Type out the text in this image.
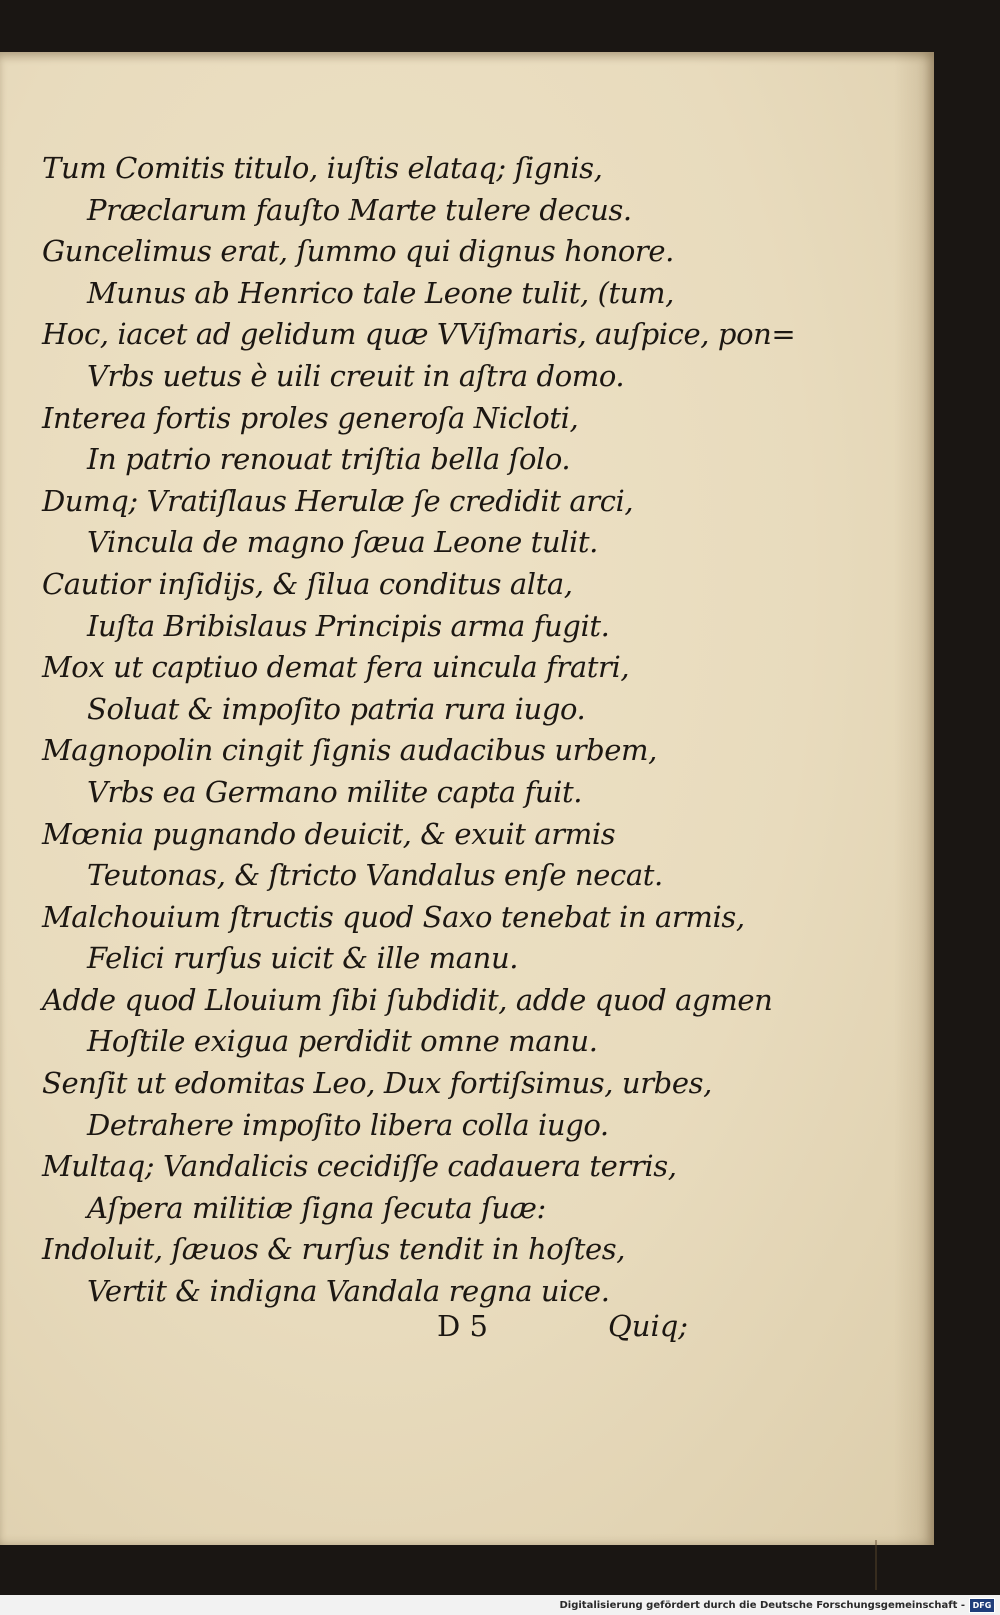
Tum Comitis titulo, iuſtis elataq; ſignis,
Præclarum fauſto Marte tulere decus.
Guncelimus erat, ſummo qui dignus honore.
Munus ab Henrico tale Leone tulit, (tum,
Hoc, iacet ad gelidum quæ VViſmaris, auſpice, pon=
Vrbs uetus è uili creuit in aſtra domo.
Interea fortis proles generoſa Nicloti,
In patrio renouat triſtia bella ſolo.
Dumq; Vratiſlaus Herulæ ſe credidit arci,
Vincula de magno ſæua Leone tulit.
Cautior inſidijs, & ſilua conditus alta,
Iuſta Bribislaus Principis arma fugit.
Mox ut captiuo demat fera uincula fratri,
Soluat & impoſito patria rura iugo.
Magnopolin cingit ſignis audacibus urbem,
Vrbs ea Germano milite capta fuit.
Mœnia pugnando deuicit, & exuit armis
Teutonas, & ſtricto Vandalus enſe necat.
Malchouium ſtructis quod Saxo tenebat in armis,
Felici rurſus uicit & ille manu.
Adde quod Llouium ſibi ſubdidit, adde quod agmen
Hoſtile exigua perdidit omne manu.
Senſit ut edomitas Leo, Dux fortiſsimus, urbes,
Detrahere impoſito libera colla iugo.
Multaq; Vandalicis cecidiſſe cadauera terris,
Aſpera militiæ ſigna ſecuta ſuæ:
Indoluit, ſæuos & rurſus tendit in hoſtes,
Vertit & indigna Vandala regna uice.
D 5	Quiq;
Digitalisierung gefördert durch die Deutsche Forschungsgemeinschaft - DFG
